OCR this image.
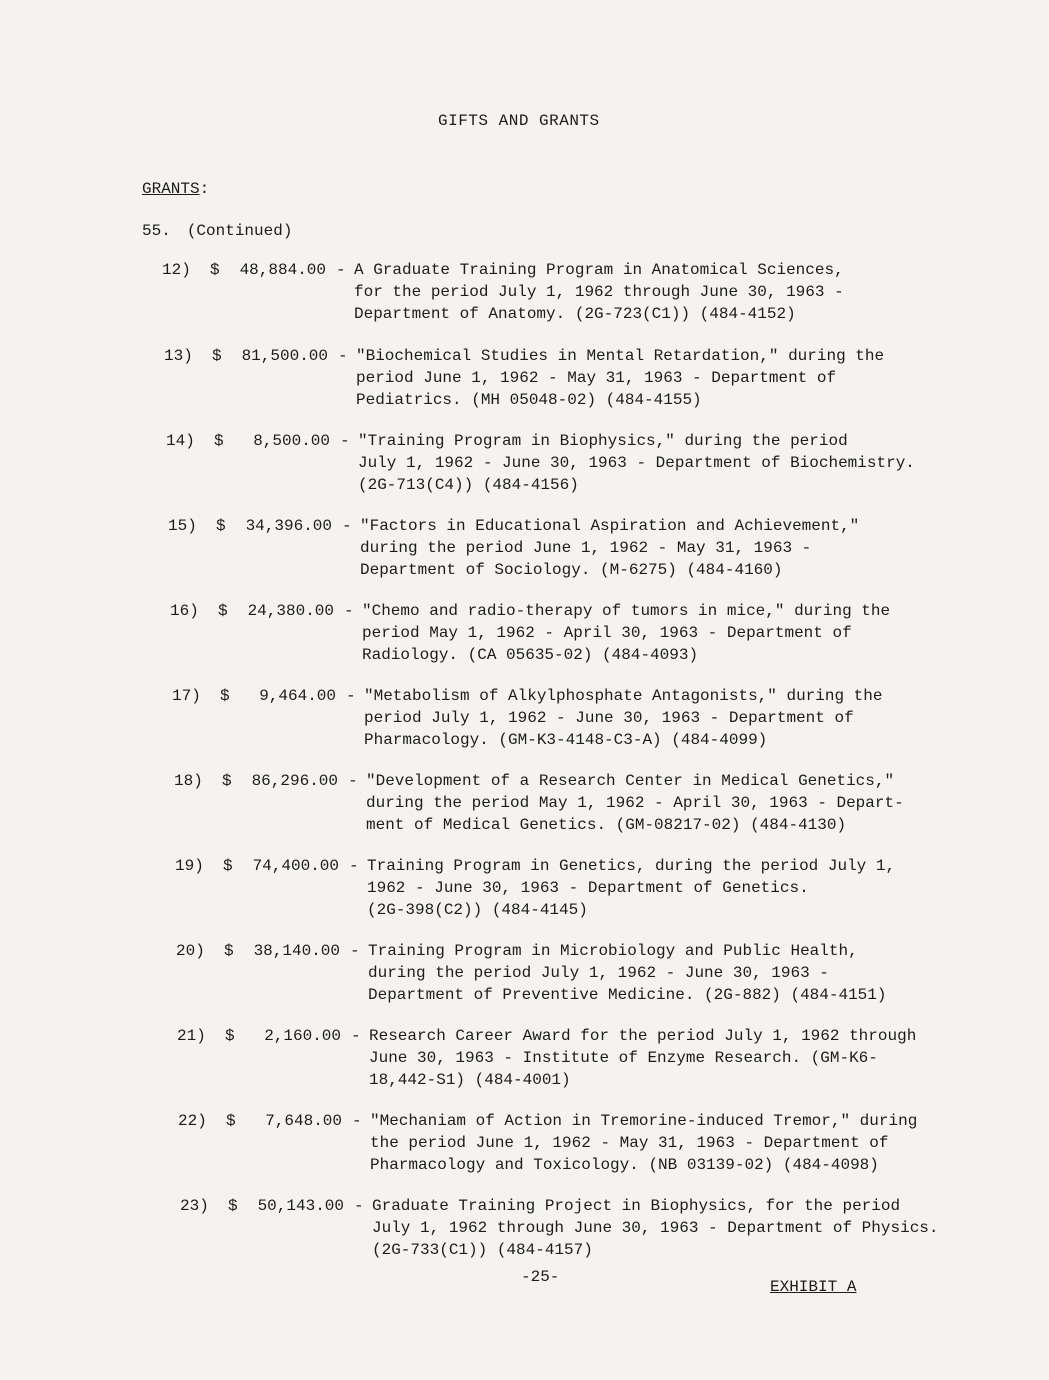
GIFTS AND GRANTS
GRANTS:
55. (Continued)
12) $	48,884.00 - A Graduate Training Program in Anatomical Sciences,
for the period July 1, 1962 through June 30, 1963 -
Department of Anatomy. (2G-723(C1)) (484-4152)
13) $	81,500.00 - "Biochemical Studies in Mental Retardation," during the
period June 1, 1962 - May 31, 1963 - Department of
Pediatrics. (MH 05048-02) (484-4155)
14) $	8,500.00 - "Training Program in Biophysics," during the period
July 1, 1962 - June 30, 1963 - Department of Biochemistry.
(2G-713(C4)) (484-4156)
15) $	34,396.00 - "Factors in Educational Aspiration and Achievement,"
during the period June 1, 1962 - May 31, 1963 -
Department of Sociology. (M-6275) (484-4160)
16) $	24,380.00 - "Chemo and radio-therapy of tumors in mice," during the
period May 1, 1962 - April 30, 1963 - Department of
Radiology. (CA 05635-02) (484-4093)
17) $	9,464.00 - "Metabolism of Alkylphosphate Antagonists," during the
period July 1, 1962 - June 30, 1963 - Department of
Pharmacology. (GM-K3-4148-C3-A) (484-4099)
18) $	86,296.00 - "Development of a Research Center in Medical Genetics,"
during the period May 1, 1962 - April 30, 1963 - Depart-
ment of Medical Genetics. (GM-08217-02) (484-4130)
19) $	74,400.00 - Training Program in Genetics, during the period July 1,
1962 - June 30, 1963 - Department of Genetics.
(2G-398(C2)) (484-4145)
20) $	38,140.00 - Training Program in Microbiology and Public Health,
during the period July 1, 1962 - June 30, 1963 -
Department of Preventive Medicine. (2G-882) (484-4151)
21) $	2,160.00 - Research Career Award for the period July 1, 1962 through
June 30, 1963 - Institute of Enzyme Research. (GM-K6-
18,442-S1) (484-4001)
22) $	7,648.00 - "Mechaniam of Action in Tremorine-induced Tremor," during
the period June 1, 1962 - May 31, 1963 - Department of
Pharmacology and Toxicology. (NB 03139-02) (484-4098)
23) $	50,143.00 - Graduate Training Project in Biophysics, for the period
July 1, 1962 through June 30, 1963 - Department of Physics.
(2G-733(C1)) (484-4157)
-25-
EXHIBIT A
